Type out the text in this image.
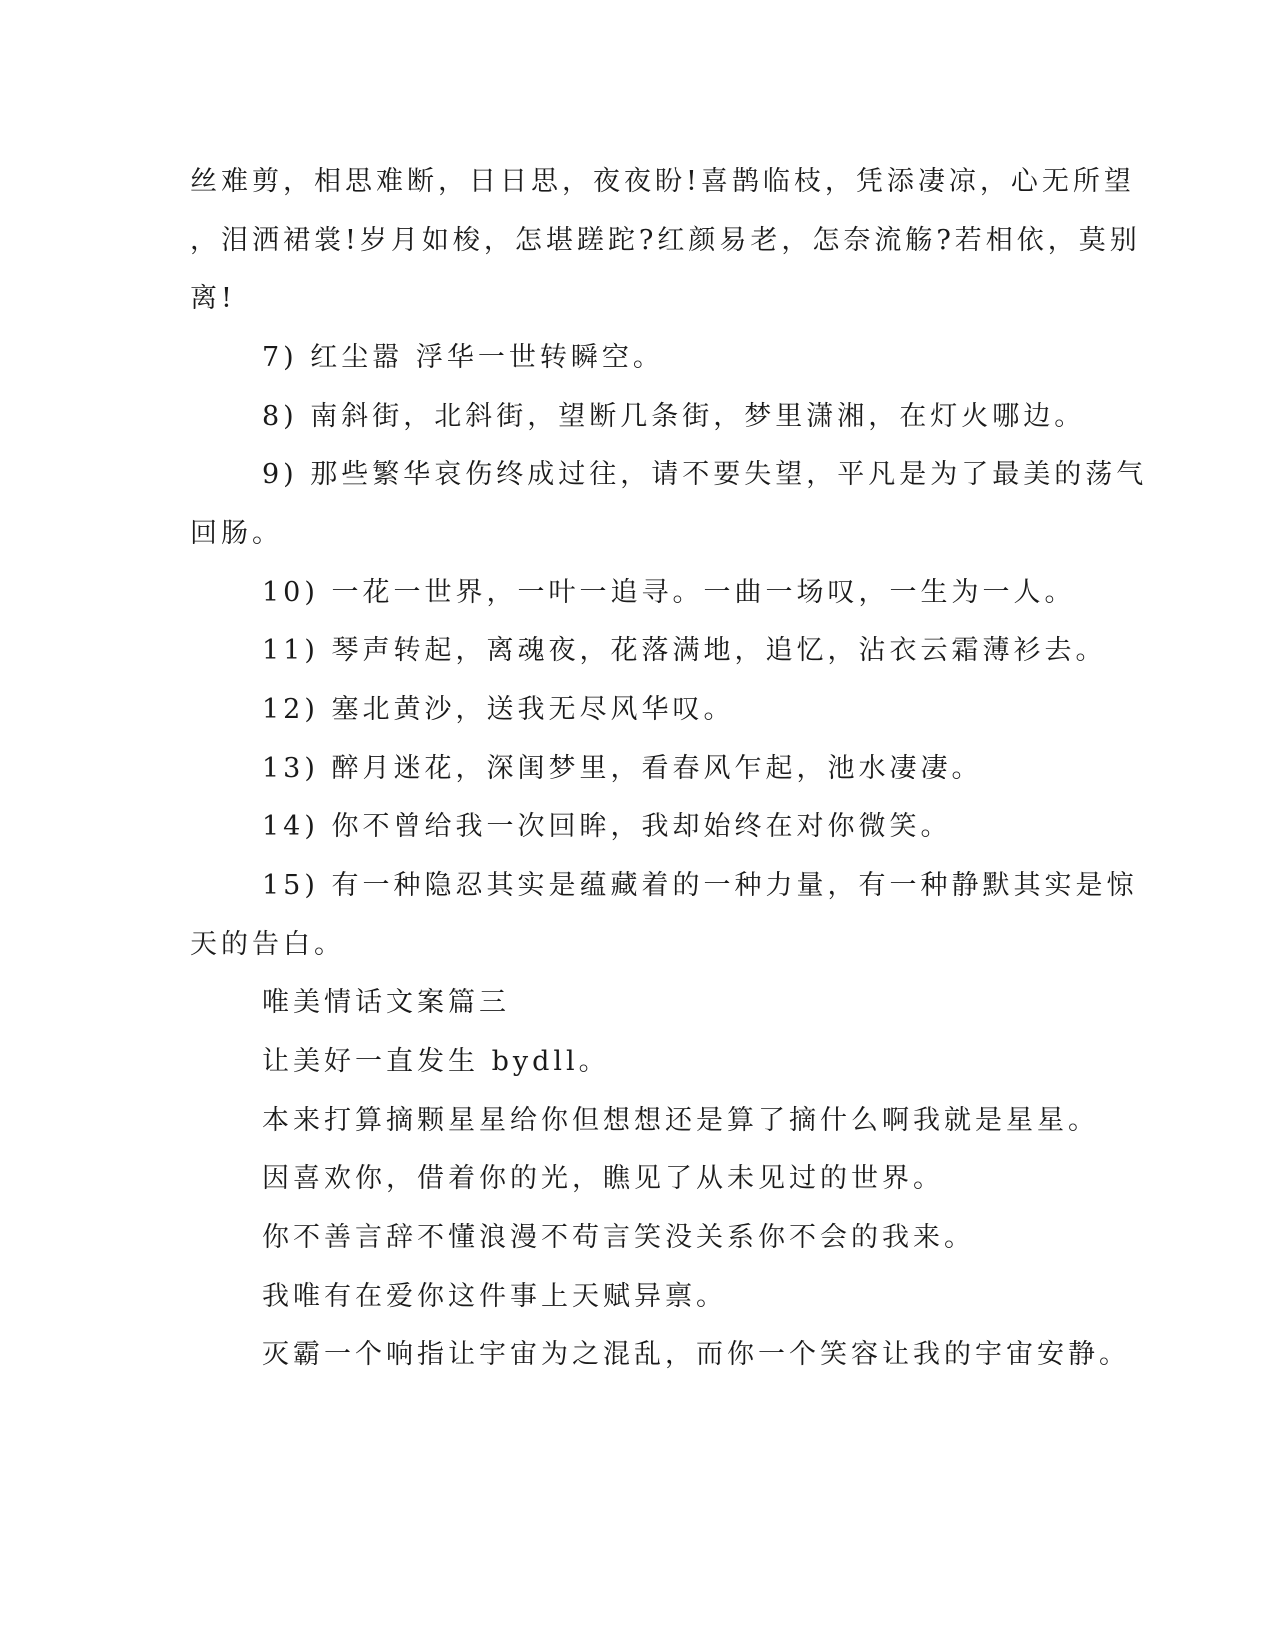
丝难剪，相思难断，日日思，夜夜盼!喜鹊临枝，凭添凄凉，心无所望
，泪洒裙裳!岁月如梭，怎堪蹉跎?红颜易老，怎奈流觞?若相依，莫别
离!
7) 红尘嚣 浮华一世转瞬空。
8) 南斜街，北斜街，望断几条街，梦里潇湘，在灯火哪边。
9) 那些繁华哀伤终成过往，请不要失望，平凡是为了最美的荡气
回肠。
10) 一花一世界，一叶一追寻。一曲一场叹，一生为一人。
11) 琴声转起，离魂夜，花落满地，追忆，沾衣云霜薄衫去。
12) 塞北黄沙，送我无尽风华叹。
13) 醉月迷花，深闺梦里，看春风乍起，池水凄凄。
14) 你不曾给我一次回眸，我却始终在对你微笑。
15) 有一种隐忍其实是蕴藏着的一种力量，有一种静默其实是惊
天的告白。
唯美情话文案篇三
让美好一直发生 bydll。
本来打算摘颗星星给你但想想还是算了摘什么啊我就是星星。
因喜欢你，借着你的光，瞧见了从未见过的世界。
你不善言辞不懂浪漫不苟言笑没关系你不会的我来。
我唯有在爱你这件事上天赋异禀。
灭霸一个响指让宇宙为之混乱，而你一个笑容让我的宇宙安静。
